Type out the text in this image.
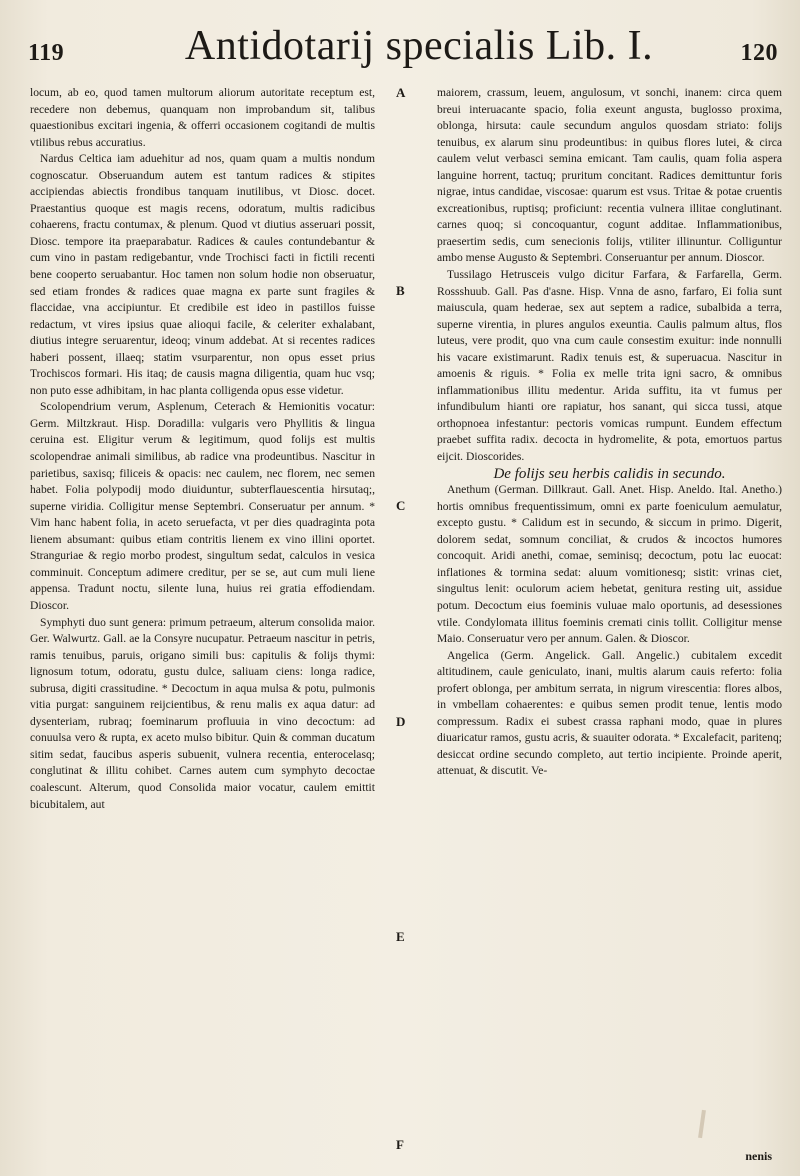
119	Antidotarij specialis Lib. I.	120

locum, ab eo, quod tamen multorum aliorum autoritate receptum est, recedere non debemus, quanquam non improbandum sit, talibus quaestionibus excitari ingenia, & offerri occasionem cogitandi de multis vtilibus rebus accuratius.

Nardus Celtica iam aduehitur ad nos, quam quam a multis nondum cognoscatur. Obseruandum autem est tantum radices & stipites accipiendas abiectis frondibus tanquam inutilibus, vt Diosc. docet. Praestantius quoque est magis recens, odoratum, multis radicibus cohaerens, fractu contumax, & plenum. Quod vt diutius asseruari possit, Diosc. tempore ita praeparabatur. Radices & caules contundebantur & cum vino in pastam redigebantur, vnde Trochisci facti in fictili recenti bene cooperto seruabantur. Hoc tamen non solum hodie non obseruatur, sed etiam frondes & radices quae magna ex parte sunt fragiles & flaccidae, vna accipiuntur. Et credibile est ideo in pastillos fuisse redactum, vt vires ipsius quae alioqui facile, & celeriter exhalabant, diutius integre seruarentur, ideoq; vinum addebat. At si recentes radices haberi possent, illaeq; statim vsurparentur, non opus esset prius Trochiscos formari. His itaq; de causis magna diligentia, quam huc vsq; non puto esse adhibitam, in hac planta colligenda opus esse videtur.

Scolopendrium verum, Asplenum, Ceterach & Hemionitis vocatur: Germ. Miltzkraut. Hisp. Doradilla: vulgaris vero Phyllitis & lingua ceruina est. Eligitur verum & legitimum, quod folijs est multis scolopendrae animali similibus, ab radice vna prodeuntibus. Nascitur in parietibus, saxisq; filiceis & opacis: nec caulem, nec florem, nec semen habet. Folia polypodij modo diuiduntur, subterflauescentia hirsutaq;, superne viridia. Colligitur mense Septembri. Conseruatur per annum. * Vim hanc habent folia, in aceto seruefacta, vt per dies quadraginta pota lienem absumant: quibus etiam contritis lienem ex vino illini oportet. Stranguriae & regio morbo prodest, singultum sedat, calculos in vesica comminuit. Conceptum adimere creditur, per se se, aut cum muli liene appensa. Tradunt noctu, silente luna, huius rei gratia effodiendam. Dioscor.

Symphyti duo sunt genera: primum petraeum, alterum consolida maior. Ger. Walwurtz. Gall. ae la Consyre nucupatur. Petraeum nascitur in petris, ramis tenuibus, paruis, origano simili bus: capitulis & folijs thymi: lignosum totum, odoratu, gustu dulce, saliuam ciens: longa radice, subrusa, digiti crassitudine. * Decoctum in aqua mulsa & potu, pulmonis vitia purgat: sanguinem reijcientibus, & renu malis ex aqua datur: ad dysenteriam, rubraq; foeminarum profluuia in vino decoctum: ad conuulsa vero & rupta, ex aceto mulso bibitur. Quin & comman ducatum sitim sedat, faucibus asperis subuenit, vulnera recentia, enterocelasq; conglutinat & illitu cohibet. Carnes autem cum symphyto decoctae coalescunt. Alterum, quod Consolida maior vocatur, caulem emittit bicubitalem, aut

A
B
C
D
E
F

maiorem, crassum, leuem, angulosum, vt sonchi, inanem: circa quem breui interuacante spacio, folia exeunt angusta, buglosso proxima, oblonga, hirsuta: caule secundum angulos quosdam striato: folijs tenuibus, ex alarum sinu prodeuntibus: in quibus flores lutei, & circa caulem velut verbasci semina emicant. Tam caulis, quam folia aspera languine horrent, tactuq; pruritum concitant. Radices demittuntur foris nigrae, intus candidae, viscosae: quarum est vsus. Tritae & potae cruentis excreationibus, ruptisq; proficiunt: recentia vulnera illitae conglutinant. carnes quoq; si concoquantur, cogunt additae. Inflammationibus, praesertim sedis, cum senecionis folijs, vtiliter illinuntur. Colliguntur ambo mense Augusto & Septembri. Conseruantur per annum. Dioscor.

Tussilago Hetrusceis vulgo dicitur Farfara, & Farfarella, Germ. Rossshuub. Gall. Pas d'asne. Hisp. Vnna de asno, farfaro, Ei folia sunt maiuscula, quam hederae, sex aut septem a radice, subalbida a terra, superne virentia, in plures angulos exeuntia. Caulis palmum altus, flos luteus, vere prodit, quo vna cum caule consestim exuitur: inde nonnulli his vacare existimarunt. Radix tenuis est, & superuacua. Nascitur in amoenis & riguis. * Folia ex melle trita igni sacro, & omnibus inflammationibus illitu medentur. Arida suffitu, ita vt fumus per infundibulum hianti ore rapiatur, hos sanant, qui sicca tussi, atque orthopnoea infestantur: pectoris vomicas rumpunt. Eundem effectum praebet suffita radix. decocta in hydromelite, & pota, emortuos partus eijcit. Dioscorides.

De folijs seu herbis calidis in secundo.

Anethum (German. Dillkraut. Gall. Anet. Hisp. Aneldo. Ital. Anetho.) hortis omnibus frequentissimum, omni ex parte foeniculum aemulatur, excepto gustu. * Calidum est in secundo, & siccum in primo. Digerit, dolorem sedat, somnum conciliat, & crudos & incoctos humores concoquit. Aridi anethi, comae, seminisq; decoctum, potu lac euocat: inflationes & tormina sedat: aluum vomitionesq; sistit: vrinas ciet, singultus lenit: oculorum aciem hebetat, genitura resting uit, assidue potum. Decoctum eius foeminis vuluae malo oportunis, ad desessiones vtile. Condylomata illitus foeminis cremati cinis tollit. Colligitur mense Maio. Conseruatur vero per annum. Galen. & Dioscor.

Angelica (Germ. Angelick. Gall. Angelic.) cubitalem excedit altitudinem, caule geniculato, inani, multis alarum cauis referto: folia profert oblonga, per ambitum serrata, in nigrum virescentia: flores albos, in vmbellam cohaerentes: e quibus semen prodit tenue, lentis modo compressum. Radix ei subest crassa raphani modo, quae in plures diuaricatur ramos, gustu acris, & suauiter odorata. * Excalefacit, paritenq; desiccat ordine secundo completo, aut tertio incipiente. Proinde aperit, attenuat, & discutit. Ve-

nenis
